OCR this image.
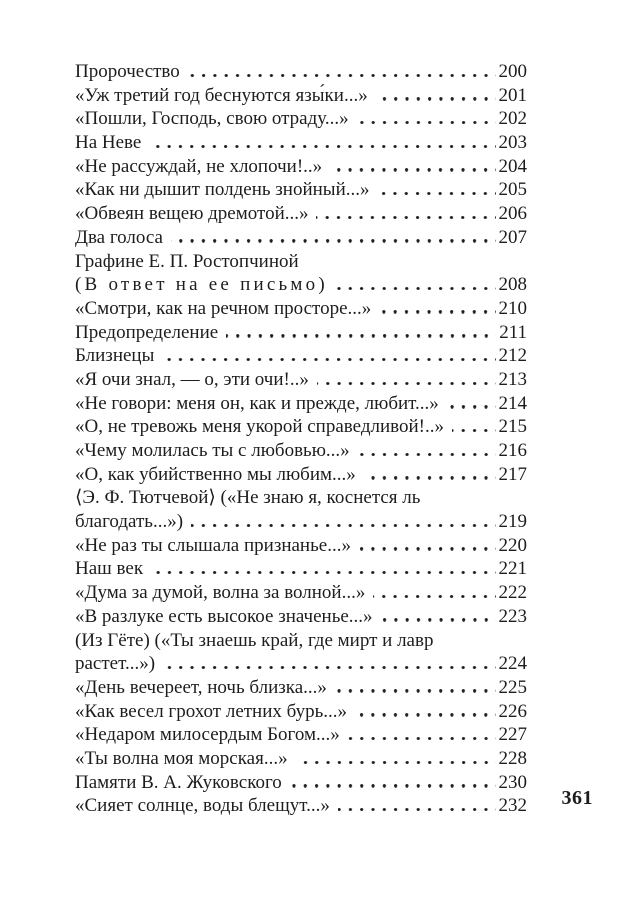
Пророчество	200
«Уж третий год беснуются язы́ки...»	201
«Пошли, Господь, свою отраду...»	202
На Неве	203
«Не рассуждай, не хлопочи!..»	204
«Как ни дышит полдень знойный...»	205
«Обвеян вещею дремотой...»	206
Два голоса	207
Графине Е. П. Ростопчиной
(В ответ на ее письмо)	208
«Смотри, как на речном просторе...»	210
Предопределение	211
Близнецы	212
«Я очи знал, — о, эти очи!..»	213
«Не говори: меня он, как и прежде, любит...»	214
«О, не тревожь меня укорой справедливой!..»	215
«Чему молилась ты с любовью...»	216
«О, как убийственно мы любим...»	217
⟨Э. Ф. Тютчевой⟩ («Не знаю я, коснется ль
благодать...»)	219
«Не раз ты слышала признанье...»	220
Наш век	221
«Дума за думой, волна за волной...»	222
«В разлуке есть высокое значенье...»	223
(Из Гёте) («Ты знаешь край, где мирт и лавр
растет...»)	224
«День вечереет, ночь близка...»	225
«Как весел грохот летних бурь...»	226
«Недаром милосердым Богом...»	227
«Ты волна моя морская...»	228
Памяти В. А. Жуковского	230
«Сияет солнце, воды блещут...»	232 361
